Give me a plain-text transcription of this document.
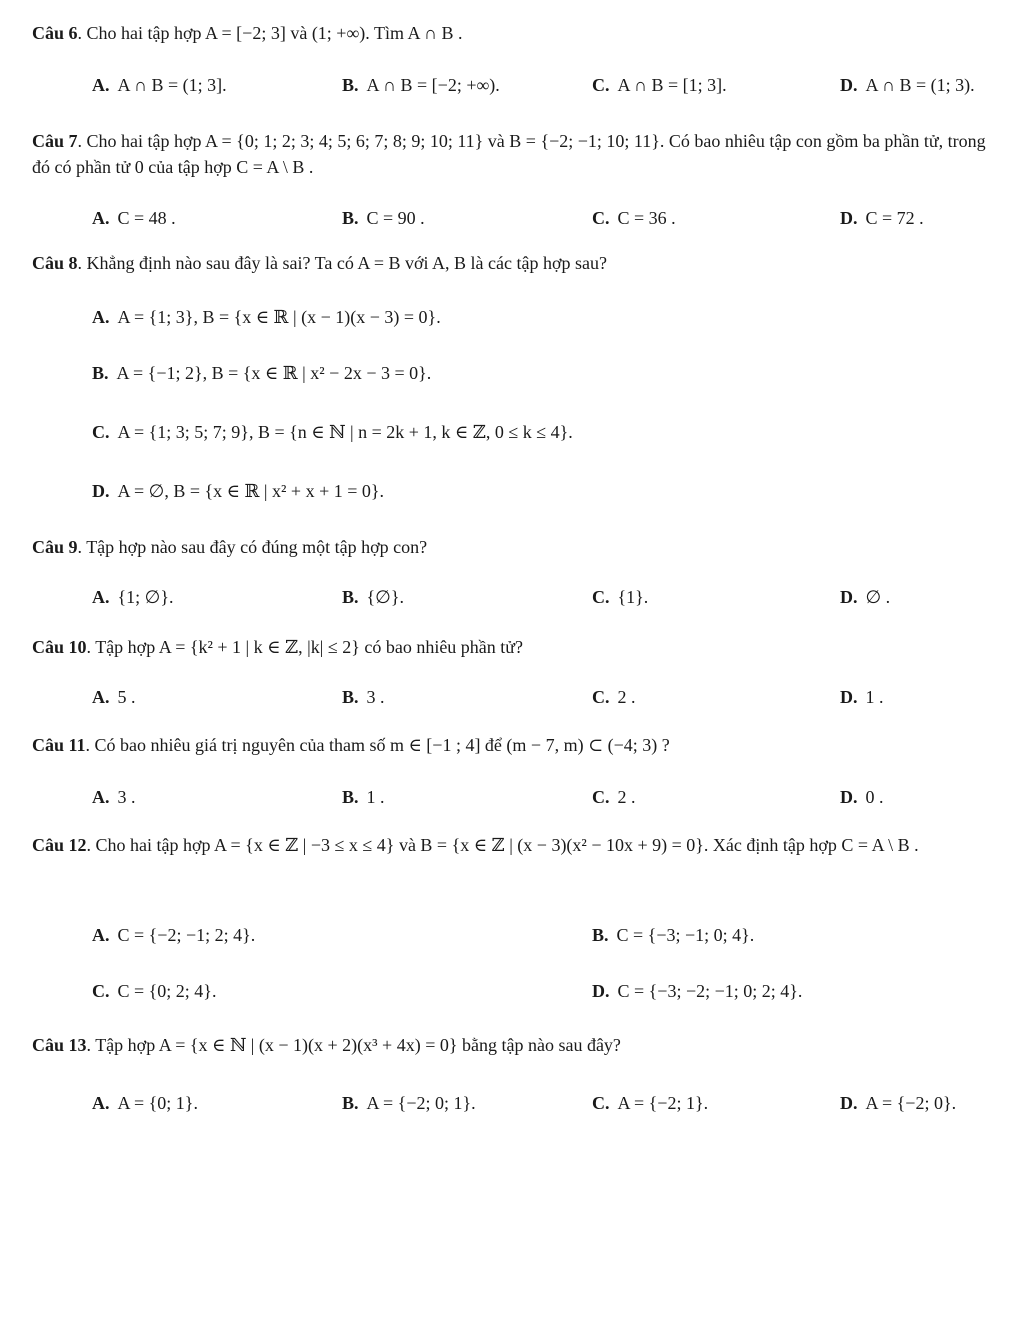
Câu 6. Cho hai tập hợp A = [−2; 3] và (1; +∞). Tìm A ∩ B .
A. A ∩ B = (1; 3].	B. A ∩ B = [−2; +∞).	C. A ∩ B = [1; 3].	D. A ∩ B = (1; 3).
Câu 7. Cho hai tập hợp A = {0; 1; 2; 3; 4; 5; 6; 7; 8; 9; 10; 11} và B = {−2; −1; 10; 11}. Có bao nhiêu tập con gồm ba phần tử, trong đó có phần tử 0 của tập hợp C = A \ B .
A. C = 48 .	B. C = 90 .	C. C = 36 .	D. C = 72 .
Câu 8. Khẳng định nào sau đây là sai? Ta có A = B với A, B là các tập hợp sau?
A. A = {1; 3}, B = {x ∈ ℝ | (x − 1)(x − 3) = 0}.
B. A = {−1; 2}, B = {x ∈ ℝ | x² − 2x − 3 = 0}.
C. A = {1; 3; 5; 7; 9}, B = {n ∈ ℕ | n = 2k + 1, k ∈ ℤ, 0 ≤ k ≤ 4}.
D. A = ∅, B = {x ∈ ℝ | x² + x + 1 = 0}.
Câu 9. Tập hợp nào sau đây có đúng một tập hợp con?
A. {1; ∅}.	B. {∅}.	C. {1}.	D. ∅ .
Câu 10. Tập hợp A = {k² + 1 | k ∈ ℤ, |k| ≤ 2} có bao nhiêu phần tử?
A. 5 .	B. 3 .	C. 2 .	D. 1 .
Câu 11. Có bao nhiêu giá trị nguyên của tham số m ∈ [−1 ; 4] để (m − 7, m) ⊂ (−4; 3) ?
A. 3 .	B. 1 .	C. 2 .	D. 0 .
Câu 12. Cho hai tập hợp A = {x ∈ ℤ | −3 ≤ x ≤ 4} và B = {x ∈ ℤ | (x − 3)(x² − 10x + 9) = 0}. Xác định tập hợp C = A \ B .
A. C = {−2; −1; 2; 4}.	B. C = {−3; −1; 0; 4}.
C. C = {0; 2; 4}.	D. C = {−3; −2; −1; 0; 2; 4}.
Câu 13. Tập hợp A = {x ∈ ℕ | (x − 1)(x + 2)(x³ + 4x) = 0} bằng tập nào sau đây?
A. A = {0; 1}.	B. A = {−2; 0; 1}.	C. A = {−2; 1}.	D. A = {−2; 0}.
